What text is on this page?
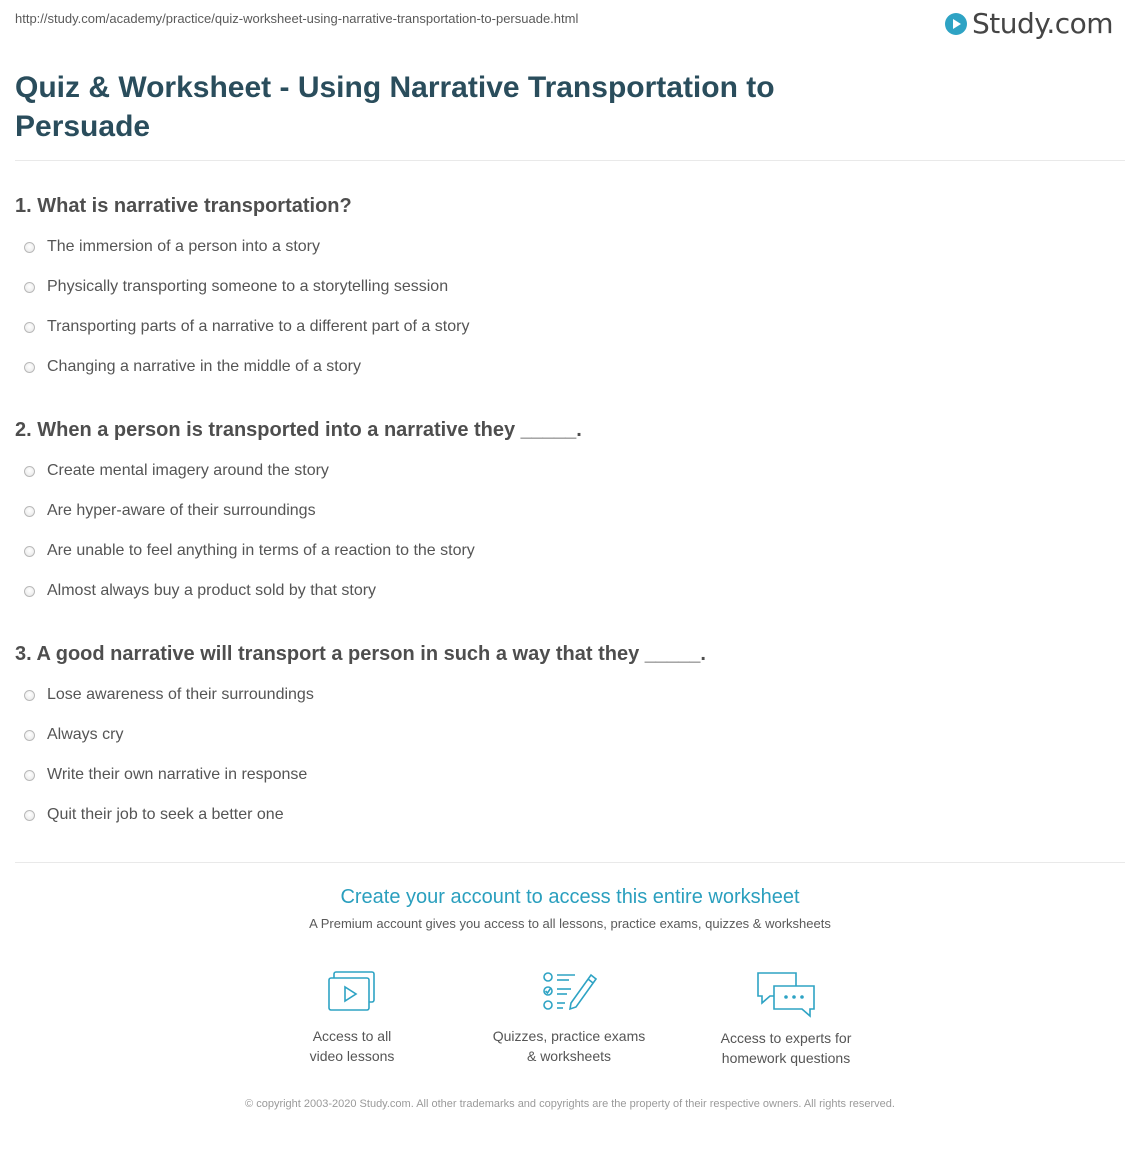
http://study.com/academy/practice/quiz-worksheet-using-narrative-transportation-to-persuade.html	Study.com
Quiz & Worksheet - Using Narrative Transportation to Persuade
1. What is narrative transportation?
The immersion of a person into a story
Physically transporting someone to a storytelling session
Transporting parts of a narrative to a different part of a story
Changing a narrative in the middle of a story
2. When a person is transported into a narrative they _____.
Create mental imagery around the story
Are hyper-aware of their surroundings
Are unable to feel anything in terms of a reaction to the story
Almost always buy a product sold by that story
3. A good narrative will transport a person in such a way that they _____.
Lose awareness of their surroundings
Always cry
Write their own narrative in response
Quit their job to seek a better one
Create your account to access this entire worksheet
A Premium account gives you access to all lessons, practice exams, quizzes & worksheets
Access to all
video lessons
Quizzes, practice exams
& worksheets
Access to experts for
homework questions
© copyright 2003-2020 Study.com. All other trademarks and copyrights are the property of their respective owners. All rights reserved.
